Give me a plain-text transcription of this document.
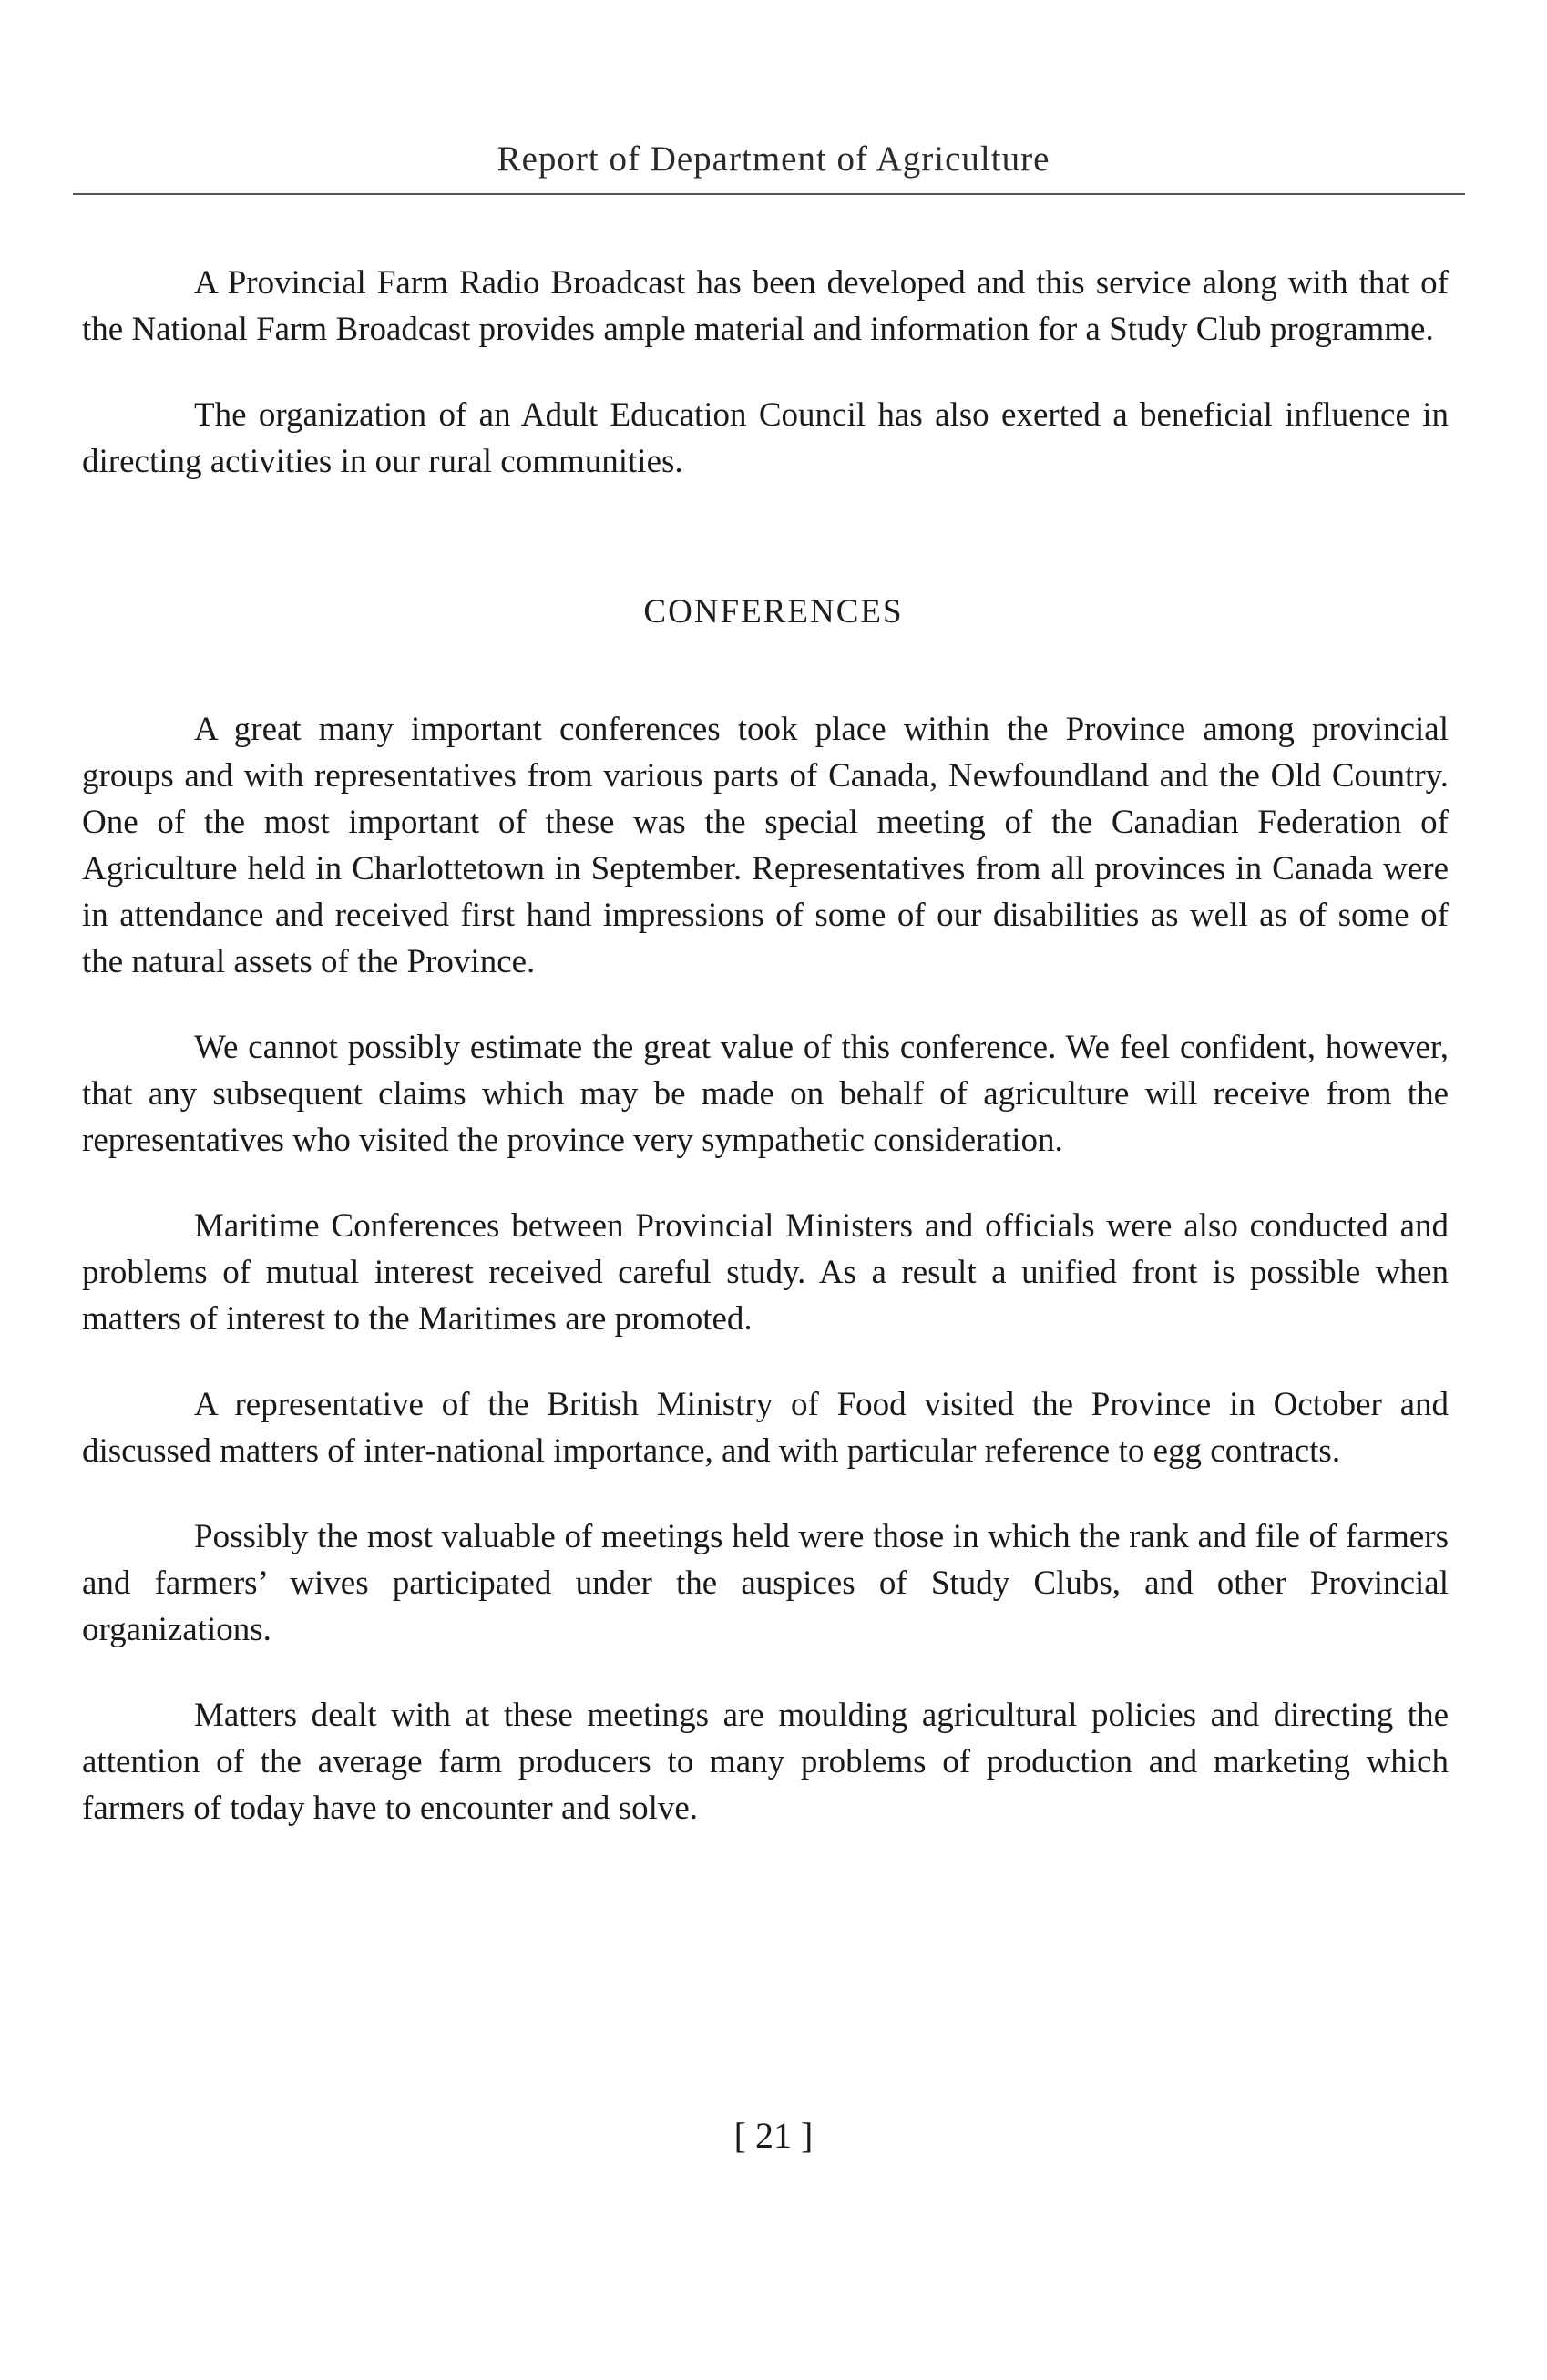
Report of Department of Agriculture

A Provincial Farm Radio Broadcast has been developed and this service along with that of the National Farm Broadcast provides ample material and information for a Study Club programme.

The organization of an Adult Education Council has also exerted a beneficial influence in directing activities in our rural communities.

CONFERENCES

A great many important conferences took place within the Province among provincial groups and with representatives from various parts of Canada, Newfoundland and the Old Country. One of the most important of these was the special meeting of the Canadian Federation of Agriculture held in Charlottetown in September. Representatives from all provinces in Canada were in attendance and received first hand impressions of some of our disabilities as well as of some of the natural assets of the Province.

We cannot possibly estimate the great value of this conference. We feel confident, however, that any subsequent claims which may be made on behalf of agriculture will receive from the representatives who visited the province very sympathetic consideration.

Maritime Conferences between Provincial Ministers and officials were also conducted and problems of mutual interest received careful study. As a result a unified front is possible when matters of interest to the Maritimes are promoted.

A representative of the British Ministry of Food visited the Province in October and discussed matters of inter-national importance, and with particular reference to egg contracts.

Possibly the most valuable of meetings held were those in which the rank and file of farmers and farmers’ wives participated under the auspices of Study Clubs, and other Provincial organizations.

Matters dealt with at these meetings are moulding agricultural policies and directing the attention of the average farm producers to many problems of production and marketing which farmers of today have to encounter and solve.

[ 21 ]
